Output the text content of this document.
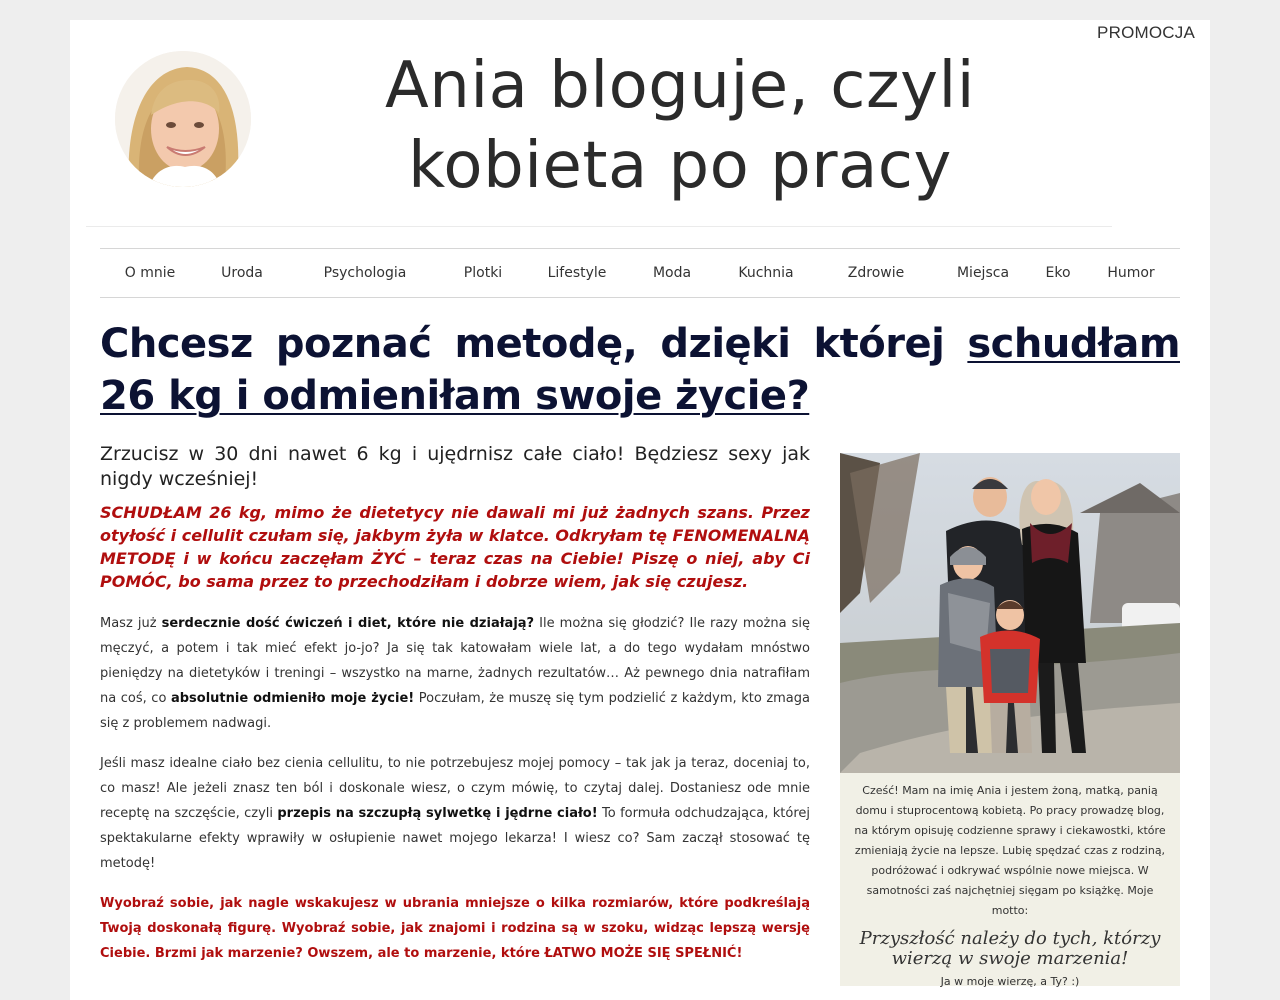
PROMOCJA
Ania bloguje, czyli
kobieta po pracy
O mnie	Uroda	Psychologia	Plotki	Lifestyle	Moda	Kuchnia	Zdrowie	Miejsca	Eko	Humor
Chcesz poznać metodę, dzięki której schudłam 26 kg i odmieniłam swoje życie?

Zrzucisz w 30 dni nawet 6 kg i ujędrnisz całe ciało! Będziesz sexy jak nigdy wcześniej!

SCHUDŁAM 26 kg, mimo że dietetycy nie dawali mi już żadnych szans. Przez otyłość i cellulit czułam się, jakbym żyła w klatce. Odkryłam tę FENOMENALNĄ METODĘ i w końcu zaczęłam ŻYĆ – teraz czas na Ciebie! Piszę o niej, aby Ci POMÓC, bo sama przez to przechodziłam i dobrze wiem, jak się czujesz.

Masz już serdecznie dość ćwiczeń i diet, które nie działają? Ile można się głodzić? Ile razy można się męczyć, a potem i tak mieć efekt jo-jo? Ja się tak katowałam wiele lat, a do tego wydałam mnóstwo pieniędzy na dietetyków i treningi – wszystko na marne, żadnych rezultatów… Aż pewnego dnia natrafiłam na coś, co absolutnie odmieniło moje życie! Poczułam, że muszę się tym podzielić z każdym, kto zmaga się z problemem nadwagi.

Jeśli masz idealne ciało bez cienia cellulitu, to nie potrzebujesz mojej pomocy – tak jak ja teraz, doceniaj to, co masz! Ale jeżeli znasz ten ból i doskonale wiesz, o czym mówię, to czytaj dalej. Dostaniesz ode mnie receptę na szczęście, czyli przepis na szczupłą sylwetkę i jędrne ciało! To formuła odchudzająca, której spektakularne efekty wprawiły w osłupienie nawet mojego lekarza! I wiesz co? Sam zaczął stosować tę metodę!

Wyobraź sobie, jak nagle wskakujesz w ubrania mniejsze o kilka rozmiarów, które podkreślają Twoją doskonałą figurę. Wyobraź sobie, jak znajomi i rodzina są w szoku, widząc lepszą wersję Ciebie. Brzmi jak marzenie? Owszem, ale to marzenie, które ŁATWO MOŻE SIĘ SPEŁNIĆ!

Cześć! Mam na imię Ania i jestem żoną, matką, panią domu i stuprocentową kobietą. Po pracy prowadzę blog, na którym opisuję codzienne sprawy i ciekawostki, które zmieniają życie na lepsze. Lubię spędzać czas z rodziną, podróżować i odkrywać wspólnie nowe miejsca. W samotności zaś najchętniej sięgam po książkę. Moje motto:

Przyszłość należy do tych, którzy wierzą w swoje marzenia!

Ja w moje wierzę, a Ty? :)
